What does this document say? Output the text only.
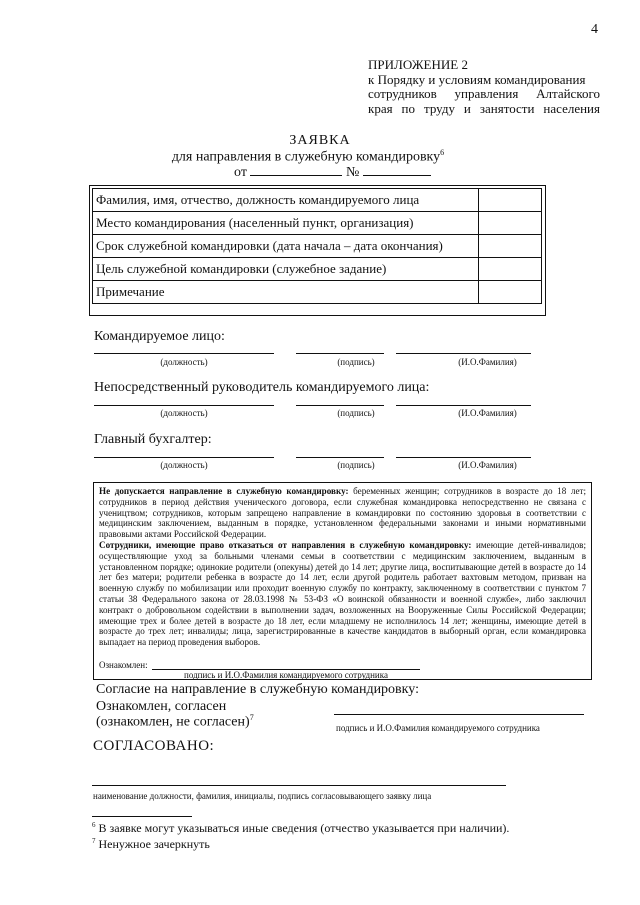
4
ПРИЛОЖЕНИЕ 2
к Порядку и условиям командирования
сотрудников управления Алтайского
края по труду и занятости населения
ЗАЯВКА
для направления в служебную командировку$^6$
от	№
Фамилия, имя, отчество, должность командируемого лица	
Место командирования (населенный пункт, организация)	
Срок служебной командировки (дата начала – дата окончания)	
Цель служебной командировки (служебное задание)	
Примечание	
Командируемое лицо:
(должность)	(подпись)	(И.О.Фамилия)
Непосредственный руководитель командируемого лица:
(должность)	(подпись)	(И.О.Фамилия)
Главный бухгалтер:
(должность)	(подпись)	(И.О.Фамилия)

Не допускается направление в служебную командировку: беременных женщин; сотрудников в возрасте до 18 лет; сотрудников в период действия ученического договора, если служебная командировка непосредственно не связана с учеництвом; сотрудников, которым запрещено направление в командировки по состоянию здоровья в соответствии с медицинским заключением, выданным в порядке, установленном федеральными законами и иными нормативными правовыми актами Российской Федерации.

Сотрудники, имеющие право отказаться от направления в служебную командировку: имеющие детей-инвалидов; осуществляющие уход за больными членами семьи в соответствии с медицинским заключением, выданным в установленном порядке; одинокие родители (опекуны) детей до 14 лет; другие лица, воспитывающие детей в возрасте до 14 лет без матери; родители ребенка в возрасте до 14 лет, если другой родитель работает вахтовым методом, призван на военную службу по мобилизации или проходит военную службу по контракту, заключенному в соответствии с пунктом 7 статьи 38 Федерального закона от 28.03.1998 № 53-ФЗ «О воинской обязанности и военной службе», либо заключил контракт о добровольном содействии в выполнении задач, возложенных на Вооруженные Силы Российской Федерации; имеющие трех и более детей в возрасте до 18 лет, если младшему не исполнилось 14 лет; женщины, имеющие детей в возрасте до трех лет; инвалиды; лица, зарегистрированные в качестве кандидатов в выборный орган, если командировка выпадает на период проведения выборов.

Ознакомлен:
подпись и И.О.Фамилия командируемого сотрудника
Согласие на направление в служебную командировку:
Ознакомлен, согласен
(ознакомлен, не согласен)$^7$
подпись и И.О.Фамилия командируемого сотрудника
СОГЛАСОВАНО:
наименование должности, фамилия, инициалы, подпись согласовывающего заявку лица
$^6$ В заявке могут указываться иные сведения (отчество указывается при наличии).
$^7$ Ненужное зачеркнуть
